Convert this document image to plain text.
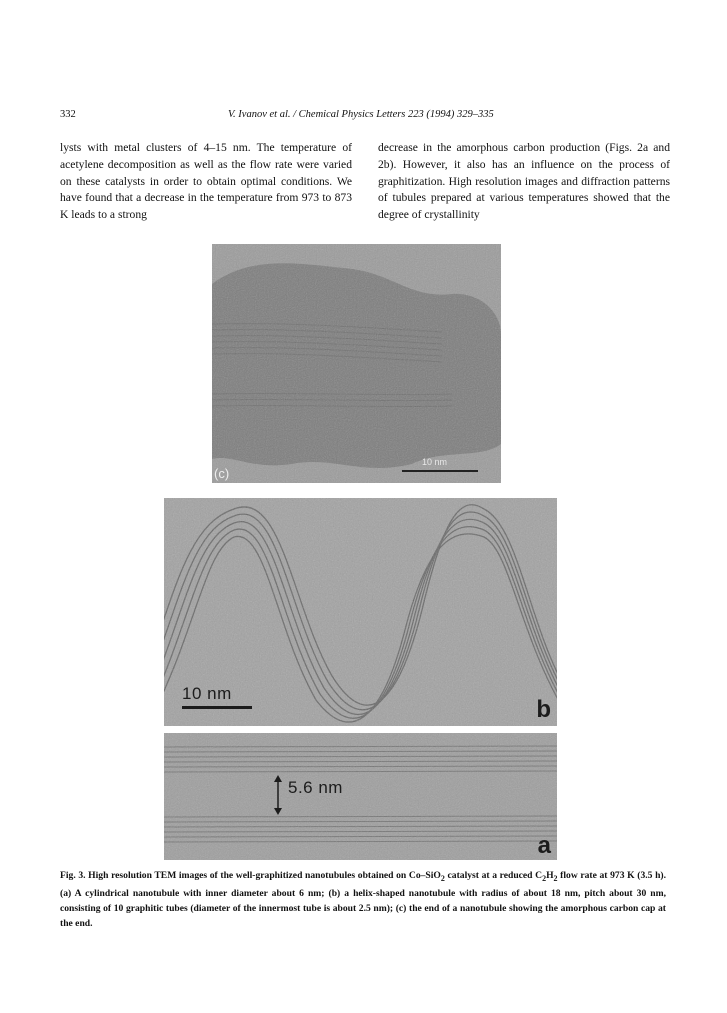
332	V. Ivanov et al. / Chemical Physics Letters 223 (1994) 329–335
lysts with metal clusters of 4–15 nm. The temperature of acetylene decomposition as well as the flow rate were varied on these catalysts in order to obtain optimal conditions. We have found that a decrease in the temperature from 973 to 873 K leads to a strong
decrease in the amorphous carbon production (Figs. 2a and 2b). However, it also has an influence on the process of graphitization. High resolution images and diffraction patterns of tubules prepared at various temperatures showed that the degree of crystallinity
(c)
10 nm
10 nm
b
5.6 nm
a
Fig. 3. High resolution TEM images of the well-graphitized nanotubules obtained on Co–SiO$_2$ catalyst at a reduced $C_2H_2$ flow rate at 973 K (3.5 h). (a) A cylindrical nanotubule with inner diameter about 6 nm; (b) a helix-shaped nanotubule with radius of about 18 nm, pitch about 30 nm, consisting of 10 graphitic tubes (diameter of the innermost tube is about 2.5 nm); (c) the end of a nanotubule showing the amorphous carbon cap at the end.
